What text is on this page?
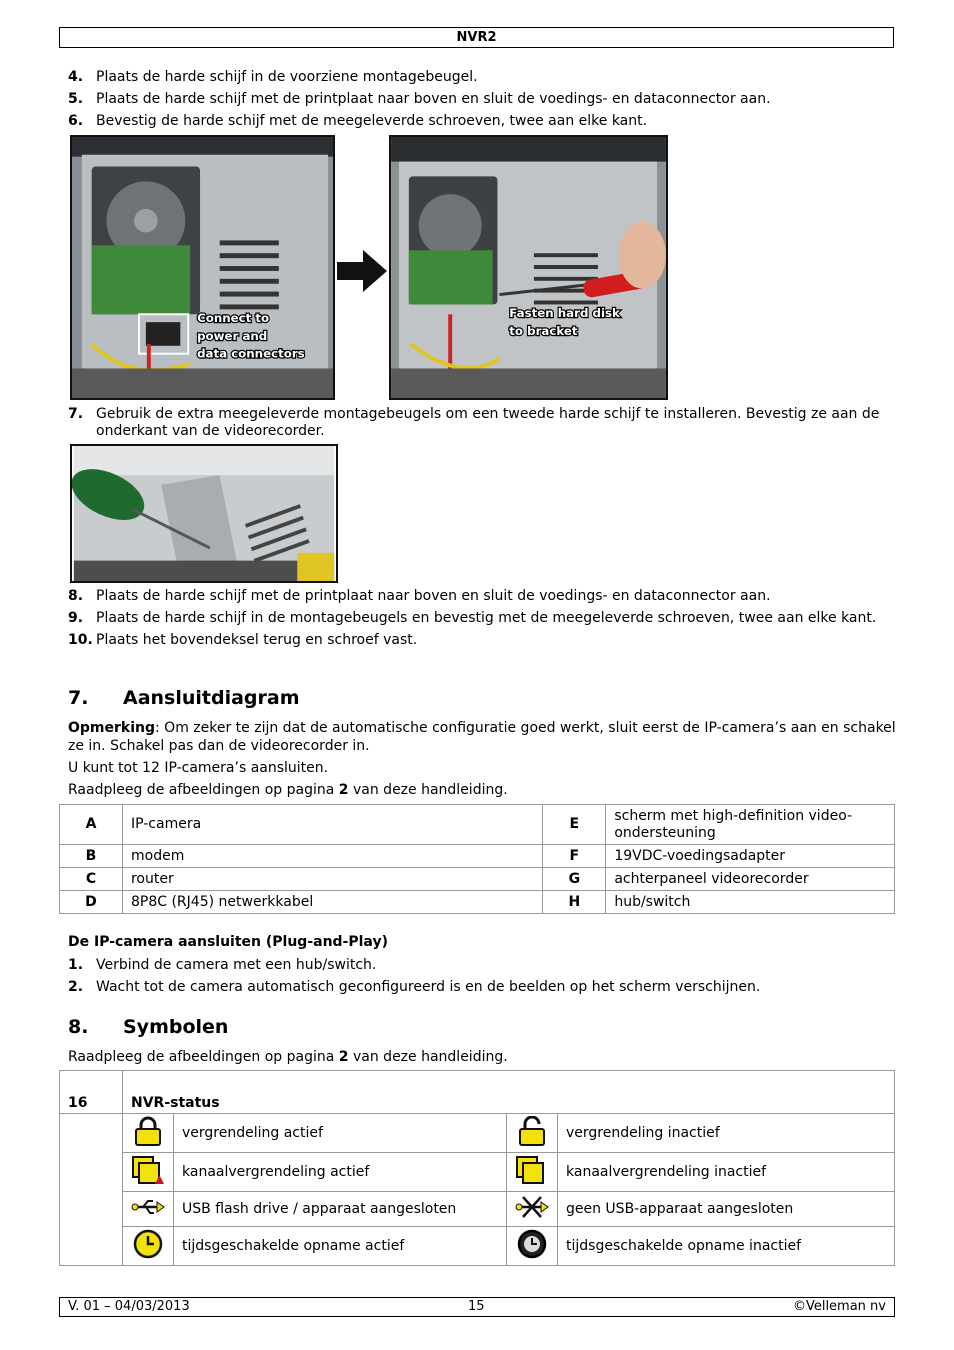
NVR2
4. Plaats de harde schijf in de voorziene montagebeugel.
5. Plaats de harde schijf met de printplaat naar boven en sluit de voedings- en dataconnector aan.
6. Bevestig de harde schijf met de meegeleverde schroeven, twee aan elke kant.
Connect to
power and
data connectors
Fasten hard disk
to bracket
7. Gebruik de extra meegeleverde montagebeugels om een tweede harde schijf te installeren. Bevestig ze aan de onderkant van de videorecorder.
8. Plaats de harde schijf met de printplaat naar boven en sluit de voedings- en dataconnector aan.
9. Plaats de harde schijf in de montagebeugels en bevestig met de meegeleverde schroeven, twee aan elke kant.
10. Plaats het bovendeksel terug en schroef vast.
7. Aansluitdiagram

Opmerking: Om zeker te zijn dat de automatische configuratie goed werkt, sluit eerst de IP-camera’s aan en schakel ze in. Schakel pas dan de videorecorder in.

U kunt tot 12 IP-camera’s aansluiten.

Raadpleeg de afbeeldingen op pagina 2 van deze handleiding.

A	IP-camera	E	scherm met high-definition video-ondersteuning
B	modem	F	19VDC-voedingsadapter
C	router	G	achterpaneel videorecorder
D	8P8C (RJ45) netwerkkabel	H	hub/switch
De IP-camera aansluiten (Plug-and-Play)
1. Verbind de camera met een hub/switch.
2. Wacht tot de camera automatisch geconfigureerd is en de beelden op het scherm verschijnen.
8. Symbolen

Raadpleeg de afbeeldingen op pagina 2 van deze handleiding.

16	NVR-status			
		vergrendeling actief		vergrendeling inactief
	kanaalvergrendeling actief		kanaalvergrendeling inactief
	USB flash drive / apparaat aangesloten		geen USB-apparaat aangesloten
	tijdsgeschakelde opname actief		tijdsgeschakelde opname inactief
V. 01 – 04/03/2013	15	©Velleman nv
